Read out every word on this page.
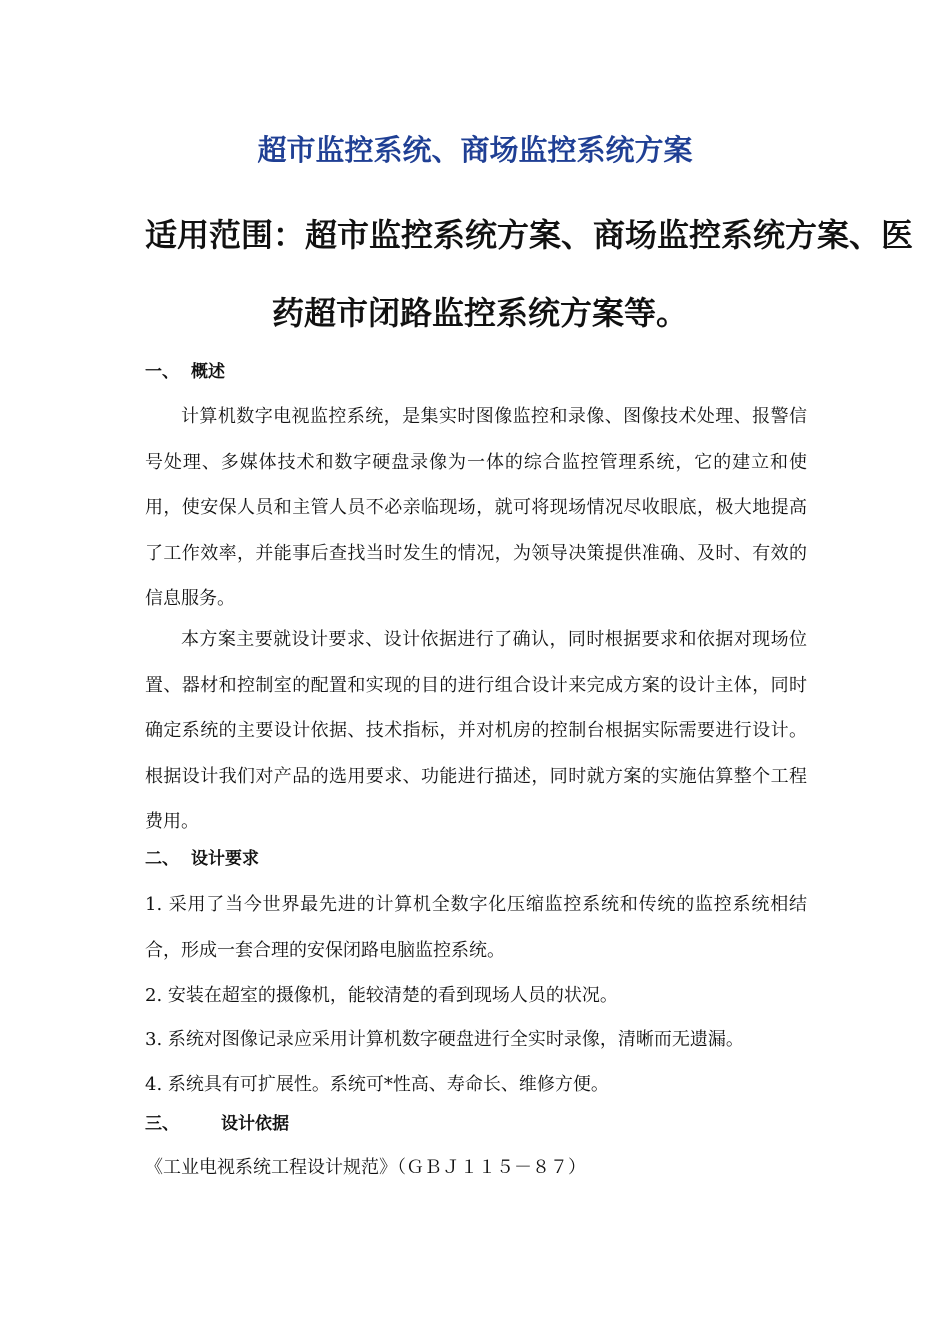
超市监控系统、商场监控系统方案
适用范围：超市监控系统方案、商场监控系统方案、医
药超市闭路监控系统方案等。
一、 概述
计算机数字电视监控系统，是集实时图像监控和录像、图像技术处理、报警信号处理、多媒体技术和数字硬盘录像为一体的综合监控管理系统，它的建立和使用，使安保人员和主管人员不必亲临现场，就可将现场情况尽收眼底，极大地提高了工作效率，并能事后查找当时发生的情况，为领导决策提供准确、及时、有效的信息服务。
本方案主要就设计要求、设计依据进行了确认，同时根据要求和依据对现场位置、器材和控制室的配置和实现的目的进行组合设计来完成方案的设计主体，同时确定系统的主要设计依据、技术指标，并对机房的控制台根据实际需要进行设计。根据设计我们对产品的选用要求、功能进行描述，同时就方案的实施估算整个工程费用。
二、 设计要求
1. 采用了当今世界最先进的计算机全数字化压缩监控系统和传统的监控系统相结合，形成一套合理的安保闭路电脑监控系统。
2. 安装在超室的摄像机，能较清楚的看到现场人员的状况。
3. 系统对图像记录应采用计算机数字硬盘进行全实时录像，清晰而无遗漏。
4. 系统具有可扩展性。系统可*性高、寿命长、维修方便。
三、 设计依据
《工业电视系统工程设计规范》（ＧＢＪ１１５－８７）
